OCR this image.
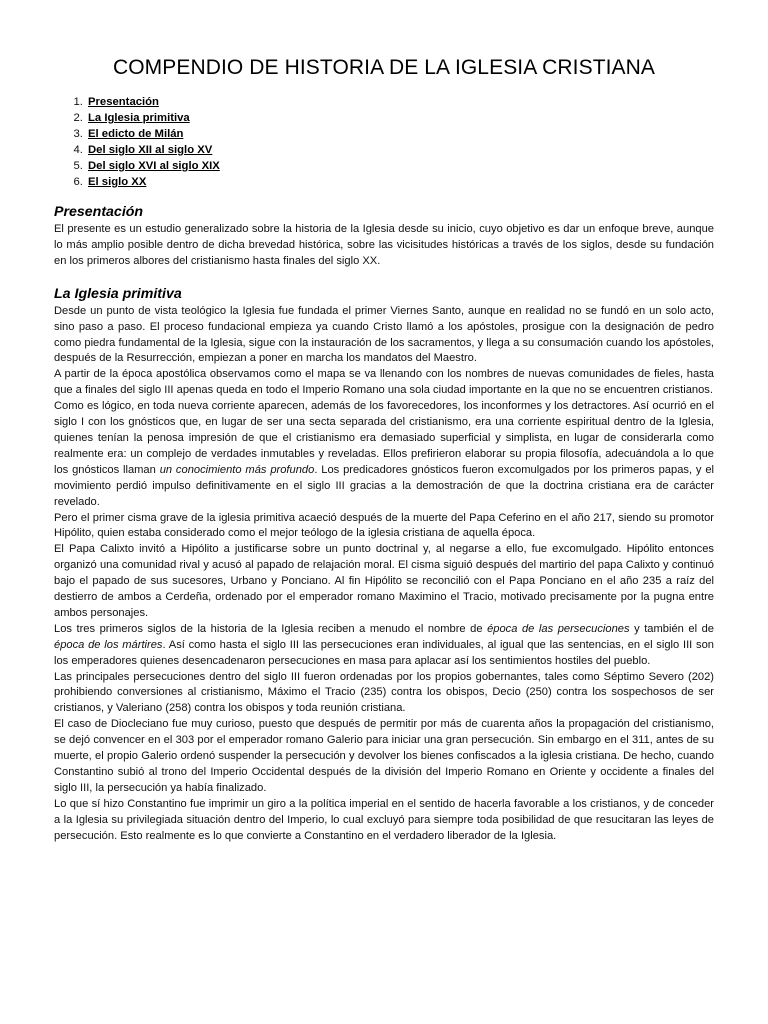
COMPENDIO DE HISTORIA DE LA IGLESIA CRISTIANA
1. Presentación
2. La Iglesia primitiva
3. El edicto de Milán
4. Del siglo XII al siglo XV
5. Del siglo XVI al siglo XIX
6. El siglo XX
Presentación

El presente es un estudio generalizado sobre la historia de la Iglesia desde su inicio, cuyo objetivo es dar un enfoque breve, aunque lo más amplio posible dentro de dicha brevedad histórica, sobre las vicisitudes históricas a través de los siglos, desde su fundación en los primeros albores del cristianismo hasta finales del siglo XX.

La Iglesia primitiva

Desde un punto de vista teológico la Iglesia fue fundada el primer Viernes Santo, aunque en realidad no se fundó en un solo acto, sino paso a paso. El proceso fundacional empieza ya cuando Cristo llamó a los apóstoles, prosigue con la designación de pedro como piedra fundamental de la Iglesia, sigue con la instauración de los sacramentos, y llega a su consumación cuando los apóstoles, después de la Resurrección, empiezan a poner en marcha los mandatos del Maestro.

A partir de la época apostólica observamos como el mapa se va llenando con los nombres de nuevas comunidades de fieles, hasta que a finales del siglo III apenas queda en todo el Imperio Romano una sola ciudad importante en la que no se encuentren cristianos.

Como es lógico, en toda nueva corriente aparecen, además de los favorecedores, los inconformes y los detractores. Así ocurrió en el siglo I con los gnósticos que, en lugar de ser una secta separada del cristianismo, era una corriente espiritual dentro de la Iglesia, quienes tenían la penosa impresión de que el cristianismo era demasiado superficial y simplista, en lugar de considerarla como realmente era: un complejo de verdades inmutables y reveladas. Ellos prefirieron elaborar su propia filosofía, adecuándola a lo que los gnósticos llaman un conocimiento más profundo. Los predicadores gnósticos fueron excomulgados por los primeros papas, y el movimiento perdió impulso definitivamente en el siglo III gracias a la demostración de que la doctrina cristiana era de carácter revelado.

Pero el primer cisma grave de la iglesia primitiva acaeció después de la muerte del Papa Ceferino en el año 217, siendo su promotor Hipólito, quien estaba considerado como el mejor teólogo de la iglesia cristiana de aquella época.

El Papa Calixto invitó a Hipólito a justificarse sobre un punto doctrinal y, al negarse a ello, fue excomulgado. Hipólito entonces organizó una comunidad rival y acusó al papado de relajación moral. El cisma siguió después del martirio del papa Calixto y continuó bajo el papado de sus sucesores, Urbano y Ponciano. Al fin Hipólito se reconcilió con el Papa Ponciano en el año 235 a raíz del destierro de ambos a Cerdeña, ordenado por el emperador romano Maximino el Tracio, motivado precisamente por la pugna entre ambos personajes.

Los tres primeros siglos de la historia de la Iglesia reciben a menudo el nombre de época de las persecuciones y también el de época de los mártires. Así como hasta el siglo III las persecuciones eran individuales, al igual que las sentencias, en el siglo III son los emperadores quienes desencadenaron persecuciones en masa para aplacar así los sentimientos hostiles del pueblo.

Las principales persecuciones dentro del siglo III fueron ordenadas por los propios gobernantes, tales como Séptimo Severo (202) prohibiendo conversiones al cristianismo, Máximo el Tracio (235) contra los obispos, Decio (250) contra los sospechosos de ser cristianos, y Valeriano (258) contra los obispos y toda reunión cristiana.

El caso de Diocleciano fue muy curioso, puesto que después de permitir por más de cuarenta años la propagación del cristianismo, se dejó convencer en el 303 por el emperador romano Galerio para iniciar una gran persecución. Sin embargo en el 311, antes de su muerte, el propio Galerio ordenó suspender la persecución y devolver los bienes confiscados a la iglesia cristiana. De hecho, cuando Constantino subió al trono del Imperio Occidental después de la división del Imperio Romano en Oriente y occidente a finales del siglo III, la persecución ya había finalizado.

Lo que sí hizo Constantino fue imprimir un giro a la política imperial en el sentido de hacerla favorable a los cristianos, y de conceder a la Iglesia su privilegiada situación dentro del Imperio, lo cual excluyó para siempre toda posibilidad de que resucitaran las leyes de persecución. Esto realmente es lo que convierte a Constantino en el verdadero liberador de la Iglesia.
